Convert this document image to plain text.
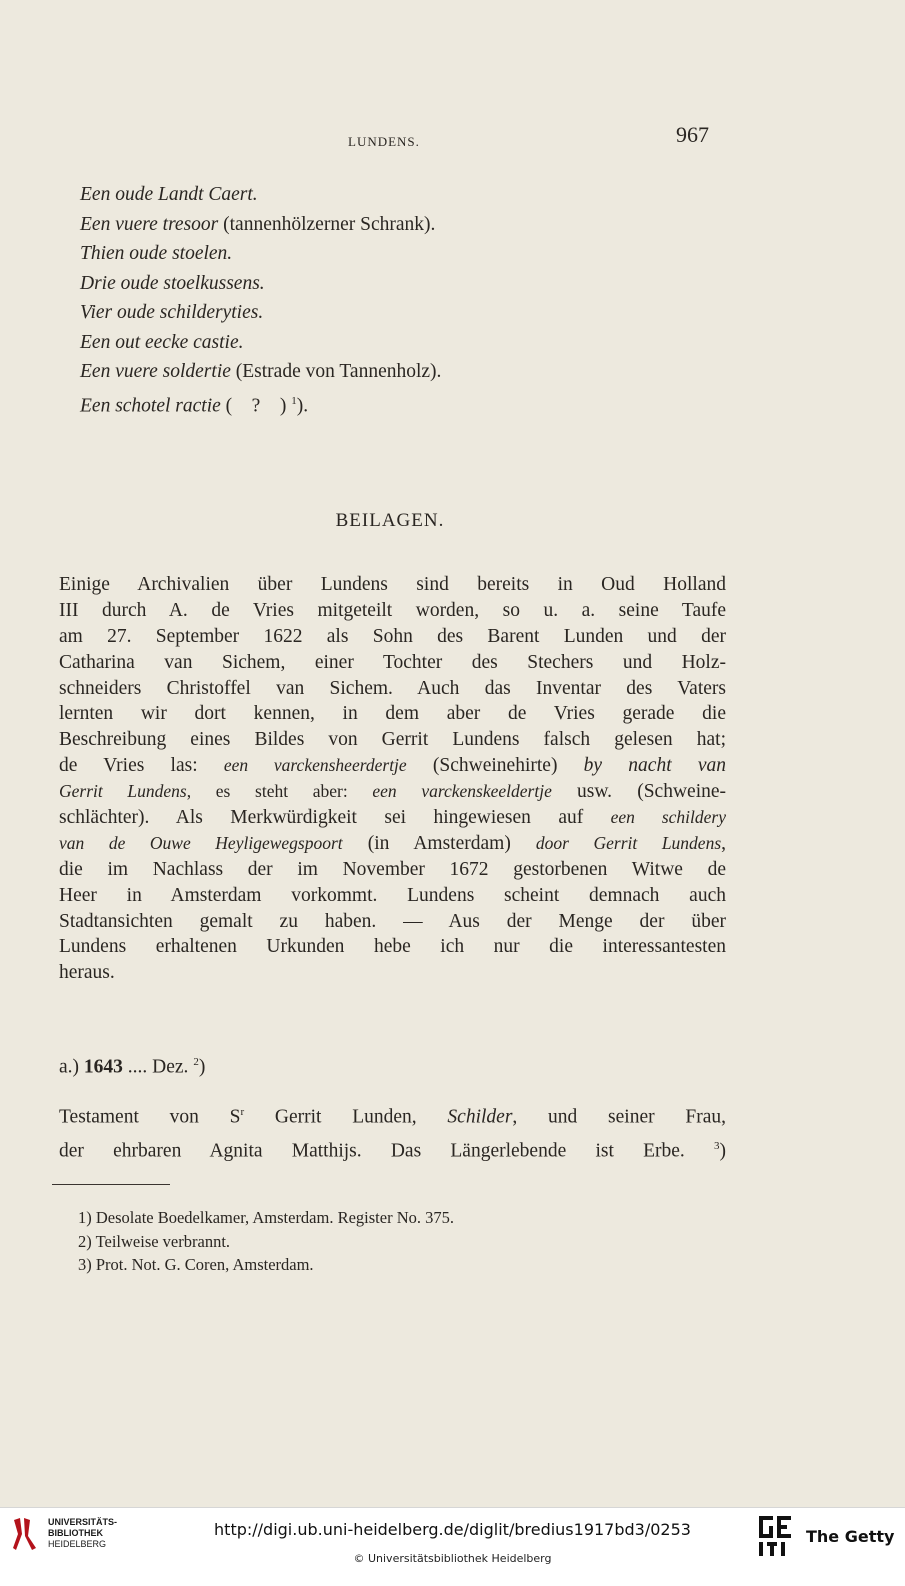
LUNDENS.	967
Een oude Landt Caert.
Een vuere tresoor (tannenhölzerner Schrank).
Thien oude stoelen.
Drie oude stoelkussens.
Vier oude schilderyties.
Een out eecke castie.
Een vuere soldertie (Estrade von Tannenholz).
Een schotel ractie (    ?    ) $^1$).
BEILAGEN.
Einige Archivalien über Lundens sind bereits in Oud Holland
III durch A. de Vries mitgeteilt worden, so u. a. seine Taufe
am 27. September 1622 als Sohn des Barent Lunden und der
Catharina van Sichem, einer Tochter des Stechers und Holz-
schneiders Christoffel van Sichem. Auch das Inventar des Vaters
lernten wir dort kennen, in dem aber de Vries gerade die
Beschreibung eines Bildes von Gerrit Lundens falsch gelesen hat;
de Vries las: een varckensheerdertje (Schweinehirte) by nacht van
Gerrit Lundens, es steht aber: een varckenskeeldertje usw. (Schweine-
schlächter). Als Merkwürdigkeit sei hingewiesen auf een schildery
van de Ouwe Heyligewegspoort (in Amsterdam) door Gerrit Lundens,
die im Nachlass der im November 1672 gestorbenen Witwe de
Heer in Amsterdam vorkommt. Lundens scheint demnach auch
Stadtansichten gemalt zu haben. — Aus der Menge der über
Lundens erhaltenen Urkunden hebe ich nur die interessantesten
heraus.
a.) 1643 .... Dez. $^2$)
Testament von $S^r$ Gerrit Lunden, Schilder, und seiner Frau,
der ehrbaren Agnita Matthijs. Das Längerlebende ist Erbe. $^3$)
1) Desolate Boedelkamer, Amsterdam. Register No. 375.
2) Teilweise verbrannt.
3) Prot. Not. G. Coren, Amsterdam.
UNIVERSITÄTS-
BIBLIOTHEK
HEIDELBERG
http://digi.ub.uni-heidelberg.de/diglit/bredius1917bd3/0253
© Universitätsbibliothek Heidelberg
The Getty
